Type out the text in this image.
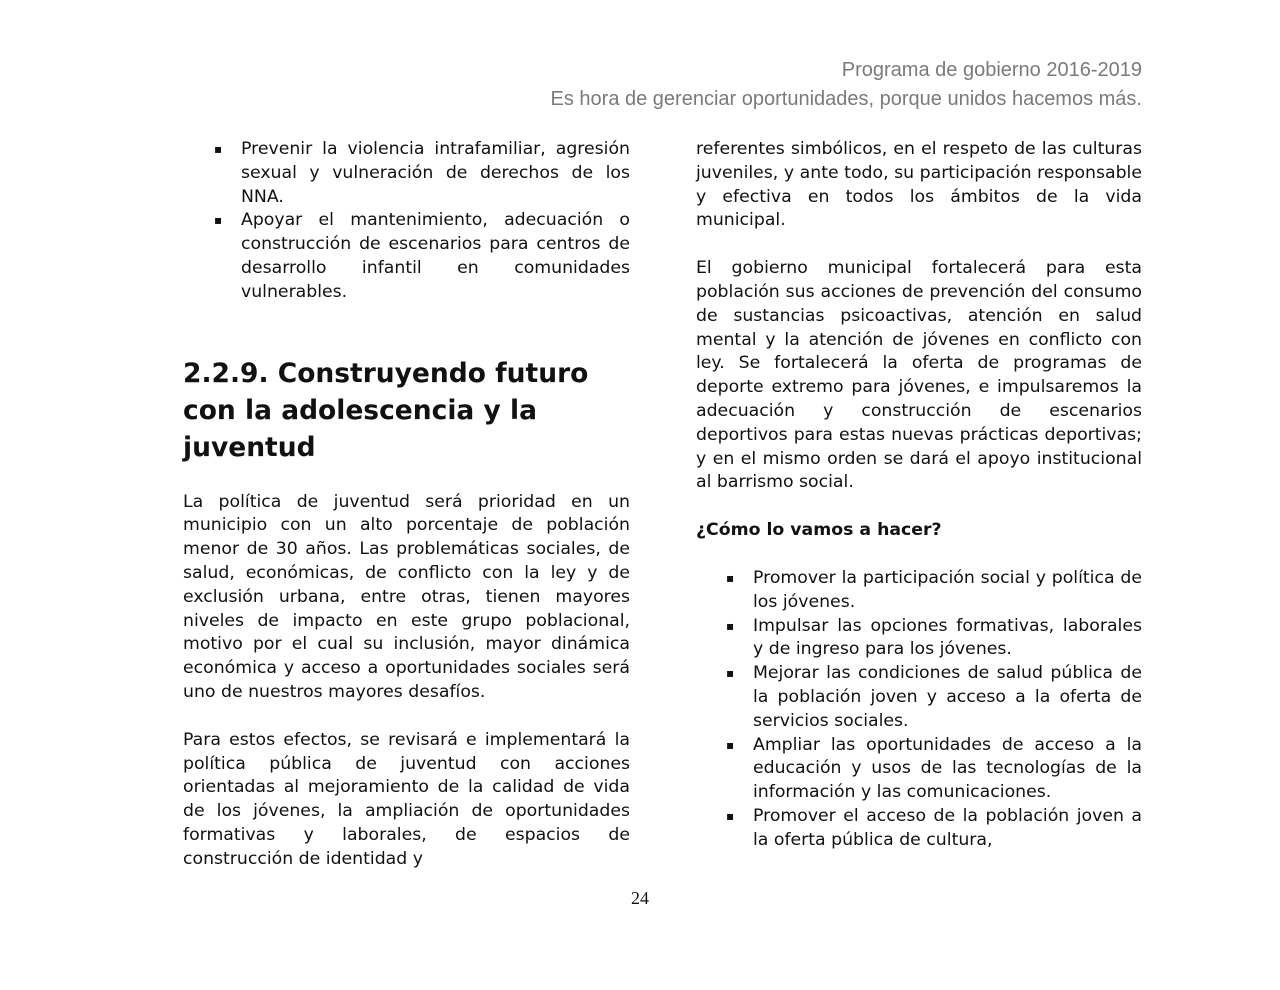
Programa de gobierno 2016-2019
Es hora de gerenciar oportunidades, porque unidos hacemos más.
▪ Prevenir la violencia intrafamiliar, agresión sexual y vulneración de derechos de los NNA.
▪ Apoyar el mantenimiento, adecuación o construcción de escenarios para centros de desarrollo infantil en comunidades vulnerables.
2.2.9. Construyendo futuro con la adolescencia y la juventud

La política de juventud será prioridad en un municipio con un alto porcentaje de población menor de 30 años. Las problemáticas sociales, de salud, económicas, de conflicto con la ley y de exclusión urbana, entre otras, tienen mayores niveles de impacto en este grupo poblacional, motivo por el cual su inclusión, mayor dinámica económica y acceso a oportunidades sociales será uno de nuestros mayores desafíos.

Para estos efectos, se revisará e implementará la política pública de juventud con acciones orientadas al mejoramiento de la calidad de vida de los jóvenes, la ampliación de oportunidades formativas y laborales, de espacios de construcción de identidad y

referentes simbólicos, en el respeto de las culturas juveniles, y ante todo, su participación responsable y efectiva en todos los ámbitos de la vida municipal.

El gobierno municipal fortalecerá para esta población sus acciones de prevención del consumo de sustancias psicoactivas, atención en salud mental y la atención de jóvenes en conflicto con ley. Se fortalecerá la oferta de programas de deporte extremo para jóvenes, e impulsaremos la adecuación y construcción de escenarios deportivos para estas nuevas prácticas deportivas; y en el mismo orden se dará el apoyo institucional al barrismo social.

¿Cómo lo vamos a hacer?

▪ Promover la participación social y política de los jóvenes.
▪ Impulsar las opciones formativas, laborales y de ingreso para los jóvenes.
▪ Mejorar las condiciones de salud pública de la población joven y acceso a la oferta de servicios sociales.
▪ Ampliar las oportunidades de acceso a la educación y usos de las tecnologías de la información y las comunicaciones.
▪ Promover el acceso de la población joven a la oferta pública de cultura,
24
